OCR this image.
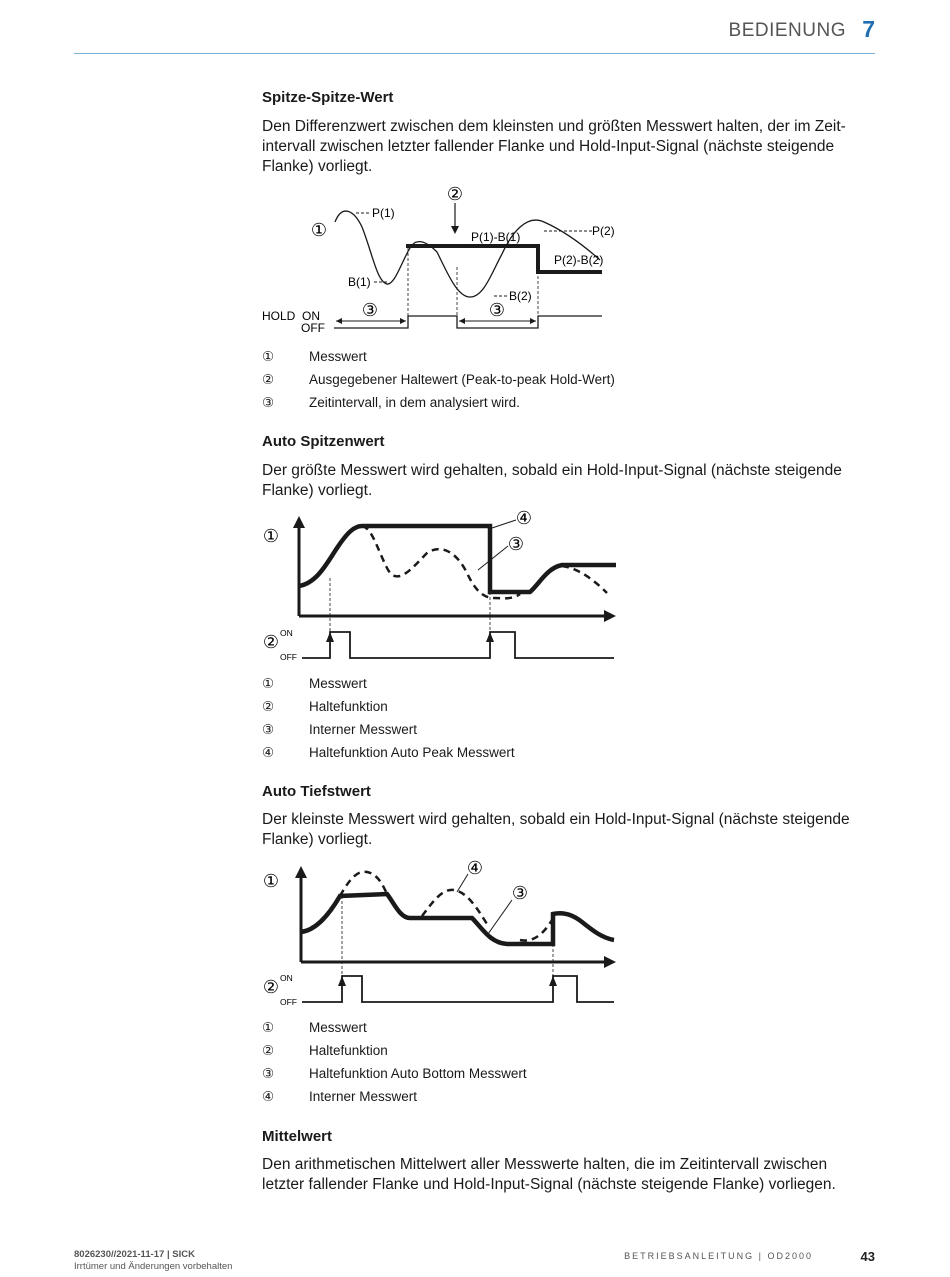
BEDIENUNG 7
Spitze-Spitze-Wert

Den Differenzwert zwischen dem kleinsten und größten Messwert halten, der im Zeit-intervall zwischen letzter fallender Flanke und Hold-Input-Signal (nächste steigende Flanke) vorliegt.

①
②
P(1)
P(2)
B(1)
B(2)
P(1)-B(1)
P(2)-B(2)
HOLD ON
OFF
③	③
①	Messwert
②	Ausgegebener Haltewert (Peak-to-peak Hold-Wert)
③	Zeitintervall, in dem analysiert wird.
Auto Spitzenwert

Der größte Messwert wird gehalten, sobald ein Hold-Input-Signal (nächste steigende Flanke) vorliegt.

①
④
③
② ON
OFF
①	Messwert
②	Haltefunktion
③	Interner Messwert
④	Haltefunktion Auto Peak Messwert
Auto Tiefstwert

Der kleinste Messwert wird gehalten, sobald ein Hold-Input-Signal (nächste steigende Flanke) vorliegt.

①
④
③
② ON
OFF
①	Messwert
②	Haltefunktion
③	Haltefunktion Auto Bottom Messwert
④	Interner Messwert
Mittelwert

Den arithmetischen Mittelwert aller Messwerte halten, die im Zeitintervall zwischen letzter fallender Flanke und Hold-Input-Signal (nächste steigende Flanke) vorliegen.

8026230//2021-11-17 | SICK
Irrtümer und Änderungen vorbehalten
BETRIEBSANLEITUNG | OD2000	43
